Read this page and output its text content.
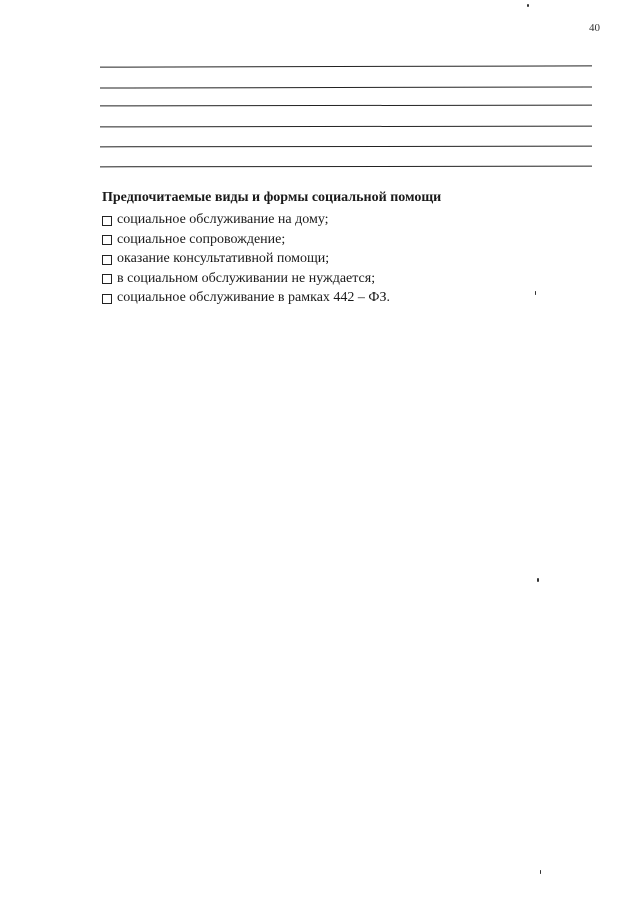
40
Предпочитаемые виды и формы социальной помощи
социальное обслуживание на дому;
социальное сопровождение;
оказание консультативной помощи;
в социальном обслуживании не нуждается;
социальное обслуживание в рамках 442 – ФЗ.
